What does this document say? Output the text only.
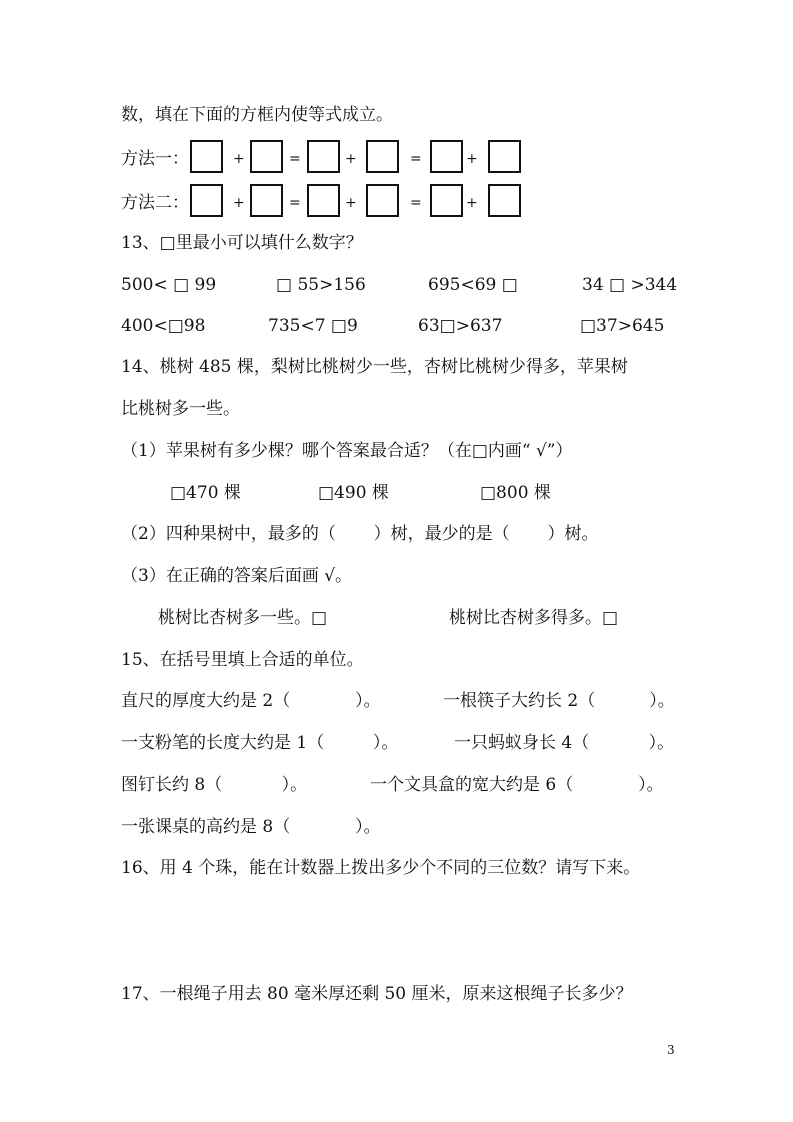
数，填在下面的方框内使等式成立。
方法一：	+	=	+	=	+
方法二：	+	=	+	=	+
13、□里最小可以填什么数字？
500< □ 99	□ 55>156	695<69 □	34 □ >344
400<□98	735<7 □9	63□>637	□37>645
14、桃树 485 棵，梨树比桃树少一些，杏树比桃树少得多，苹果树
比桃树多一些。
（1）苹果树有多少棵？哪个答案最合适？（在□内画“ √”）
□470 棵	□490 棵	□800 棵
（2）四种果树中，最多的（       ）树，最少的是（       ）树。
（3）在正确的答案后面画 √。
桃树比杏树多一些。□	桃树比杏树多得多。□
15、在括号里填上合适的单位。
直尺的厚度大约是 2（            ）。	一根筷子大约长 2（          ）。
一支粉笔的长度大约是 1（         ）。	一只蚂蚁身长 4（           ）。
图钉长约 8（           ）。	一个文具盒的宽大约是 6（            ）。
一张课桌的高约是 8（            ）。
16、用 4 个珠，能在计数器上拨出多少个不同的三位数？请写下来。
17、一根绳子用去 80 毫米厚还剩 50 厘米，原来这根绳子长多少？
3
